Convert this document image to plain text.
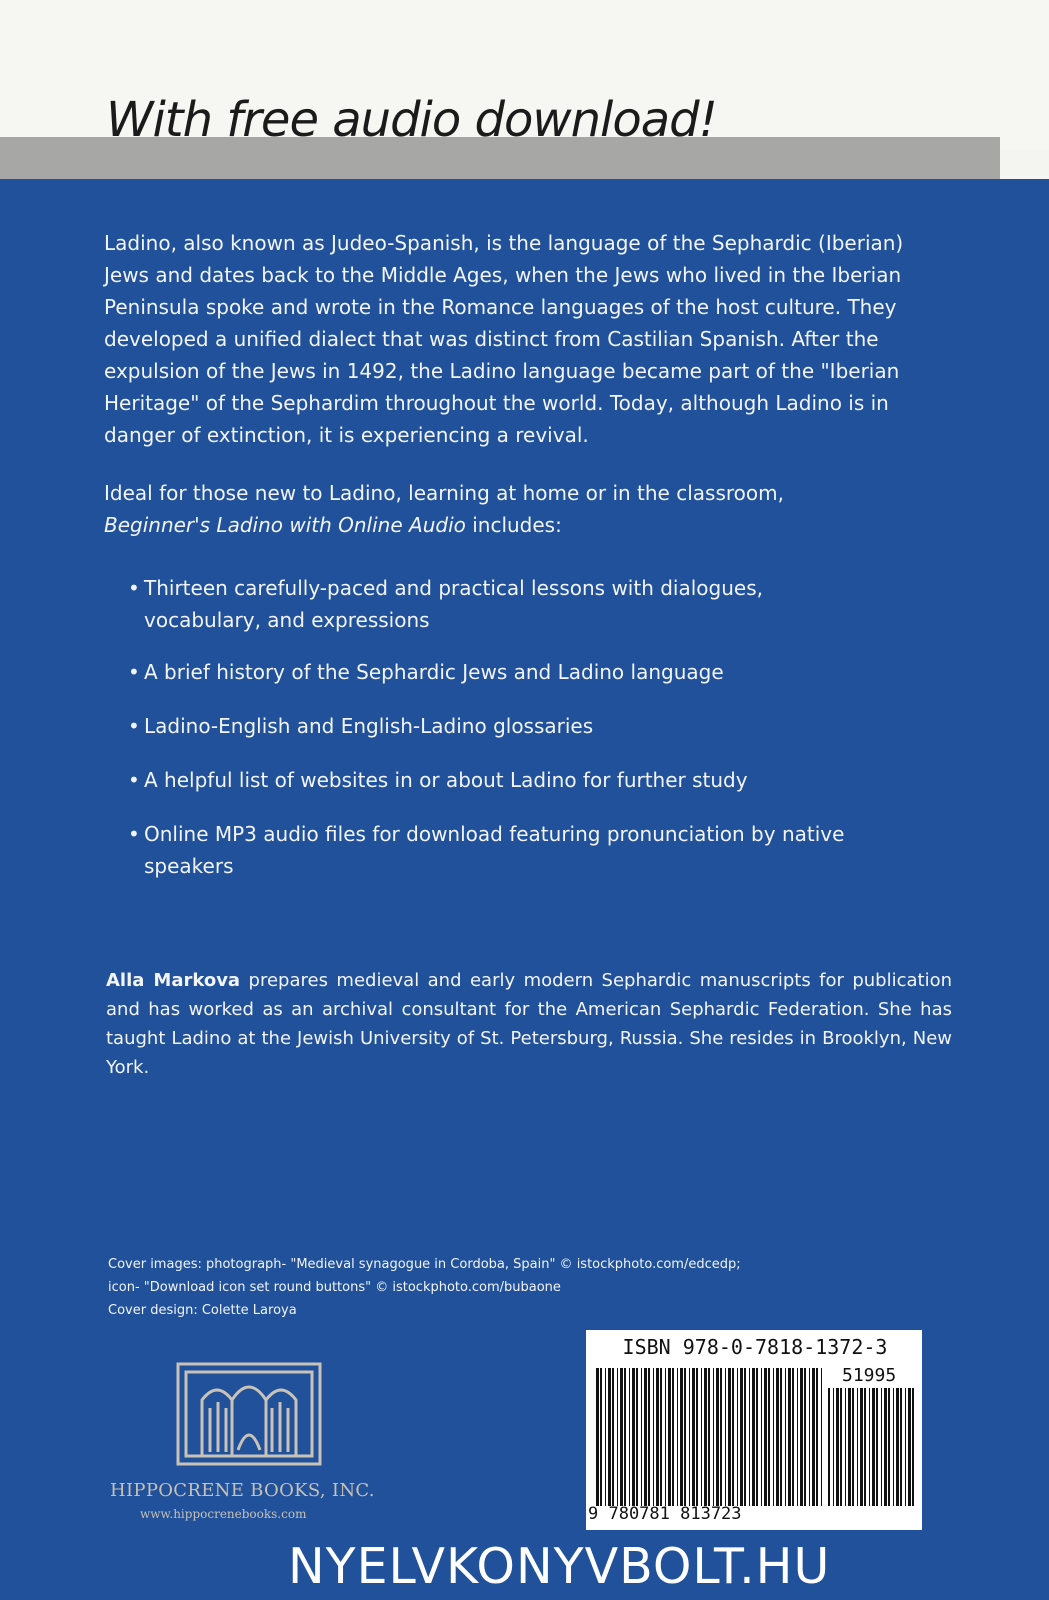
With free audio download!
Ladino, also known as Judeo-Spanish, is the language of the Sephardic (Iberian) Jews and dates back to the Middle Ages, when the Jews who lived in the Iberian Peninsula spoke and wrote in the Romance languages of the host culture. They developed a unified dialect that was distinct from Castilian Spanish. After the expulsion of the Jews in 1492, the Ladino language became part of the "Iberian Heritage" of the Sephardim throughout the world. Today, although Ladino is in danger of extinction, it is experiencing a revival.
Ideal for those new to Ladino, learning at home or in the classroom,
Beginner's Ladino with Online Audio includes:
• Thirteen carefully-paced and practical lessons with dialogues, vocabulary, and expressions
• A brief history of the Sephardic Jews and Ladino language
• Ladino-English and English-Ladino glossaries
• A helpful list of websites in or about Ladino for further study
• Online MP3 audio files for download featuring pronunciation by native speakers
Alla Markova prepares medieval and early modern Sephardic manuscripts for publication and has worked as an archival consultant for the American Sephardic Federation. She has taught Ladino at the Jewish University of St. Petersburg, Russia. She resides in Brooklyn, New York.
Cover images: photograph- "Medieval synagogue in Cordoba, Spain" © istockphoto.com/edcedp;
icon- "Download icon set round buttons" © istockphoto.com/bubaone
Cover design: Colette Laroya
HIPPOCRENE BOOKS, INC.
www.hippocrenebooks.com
ISBN 978-0-7818-1372-3
51995
9 780781 813723
NYELVKONYVBOLT.HU
